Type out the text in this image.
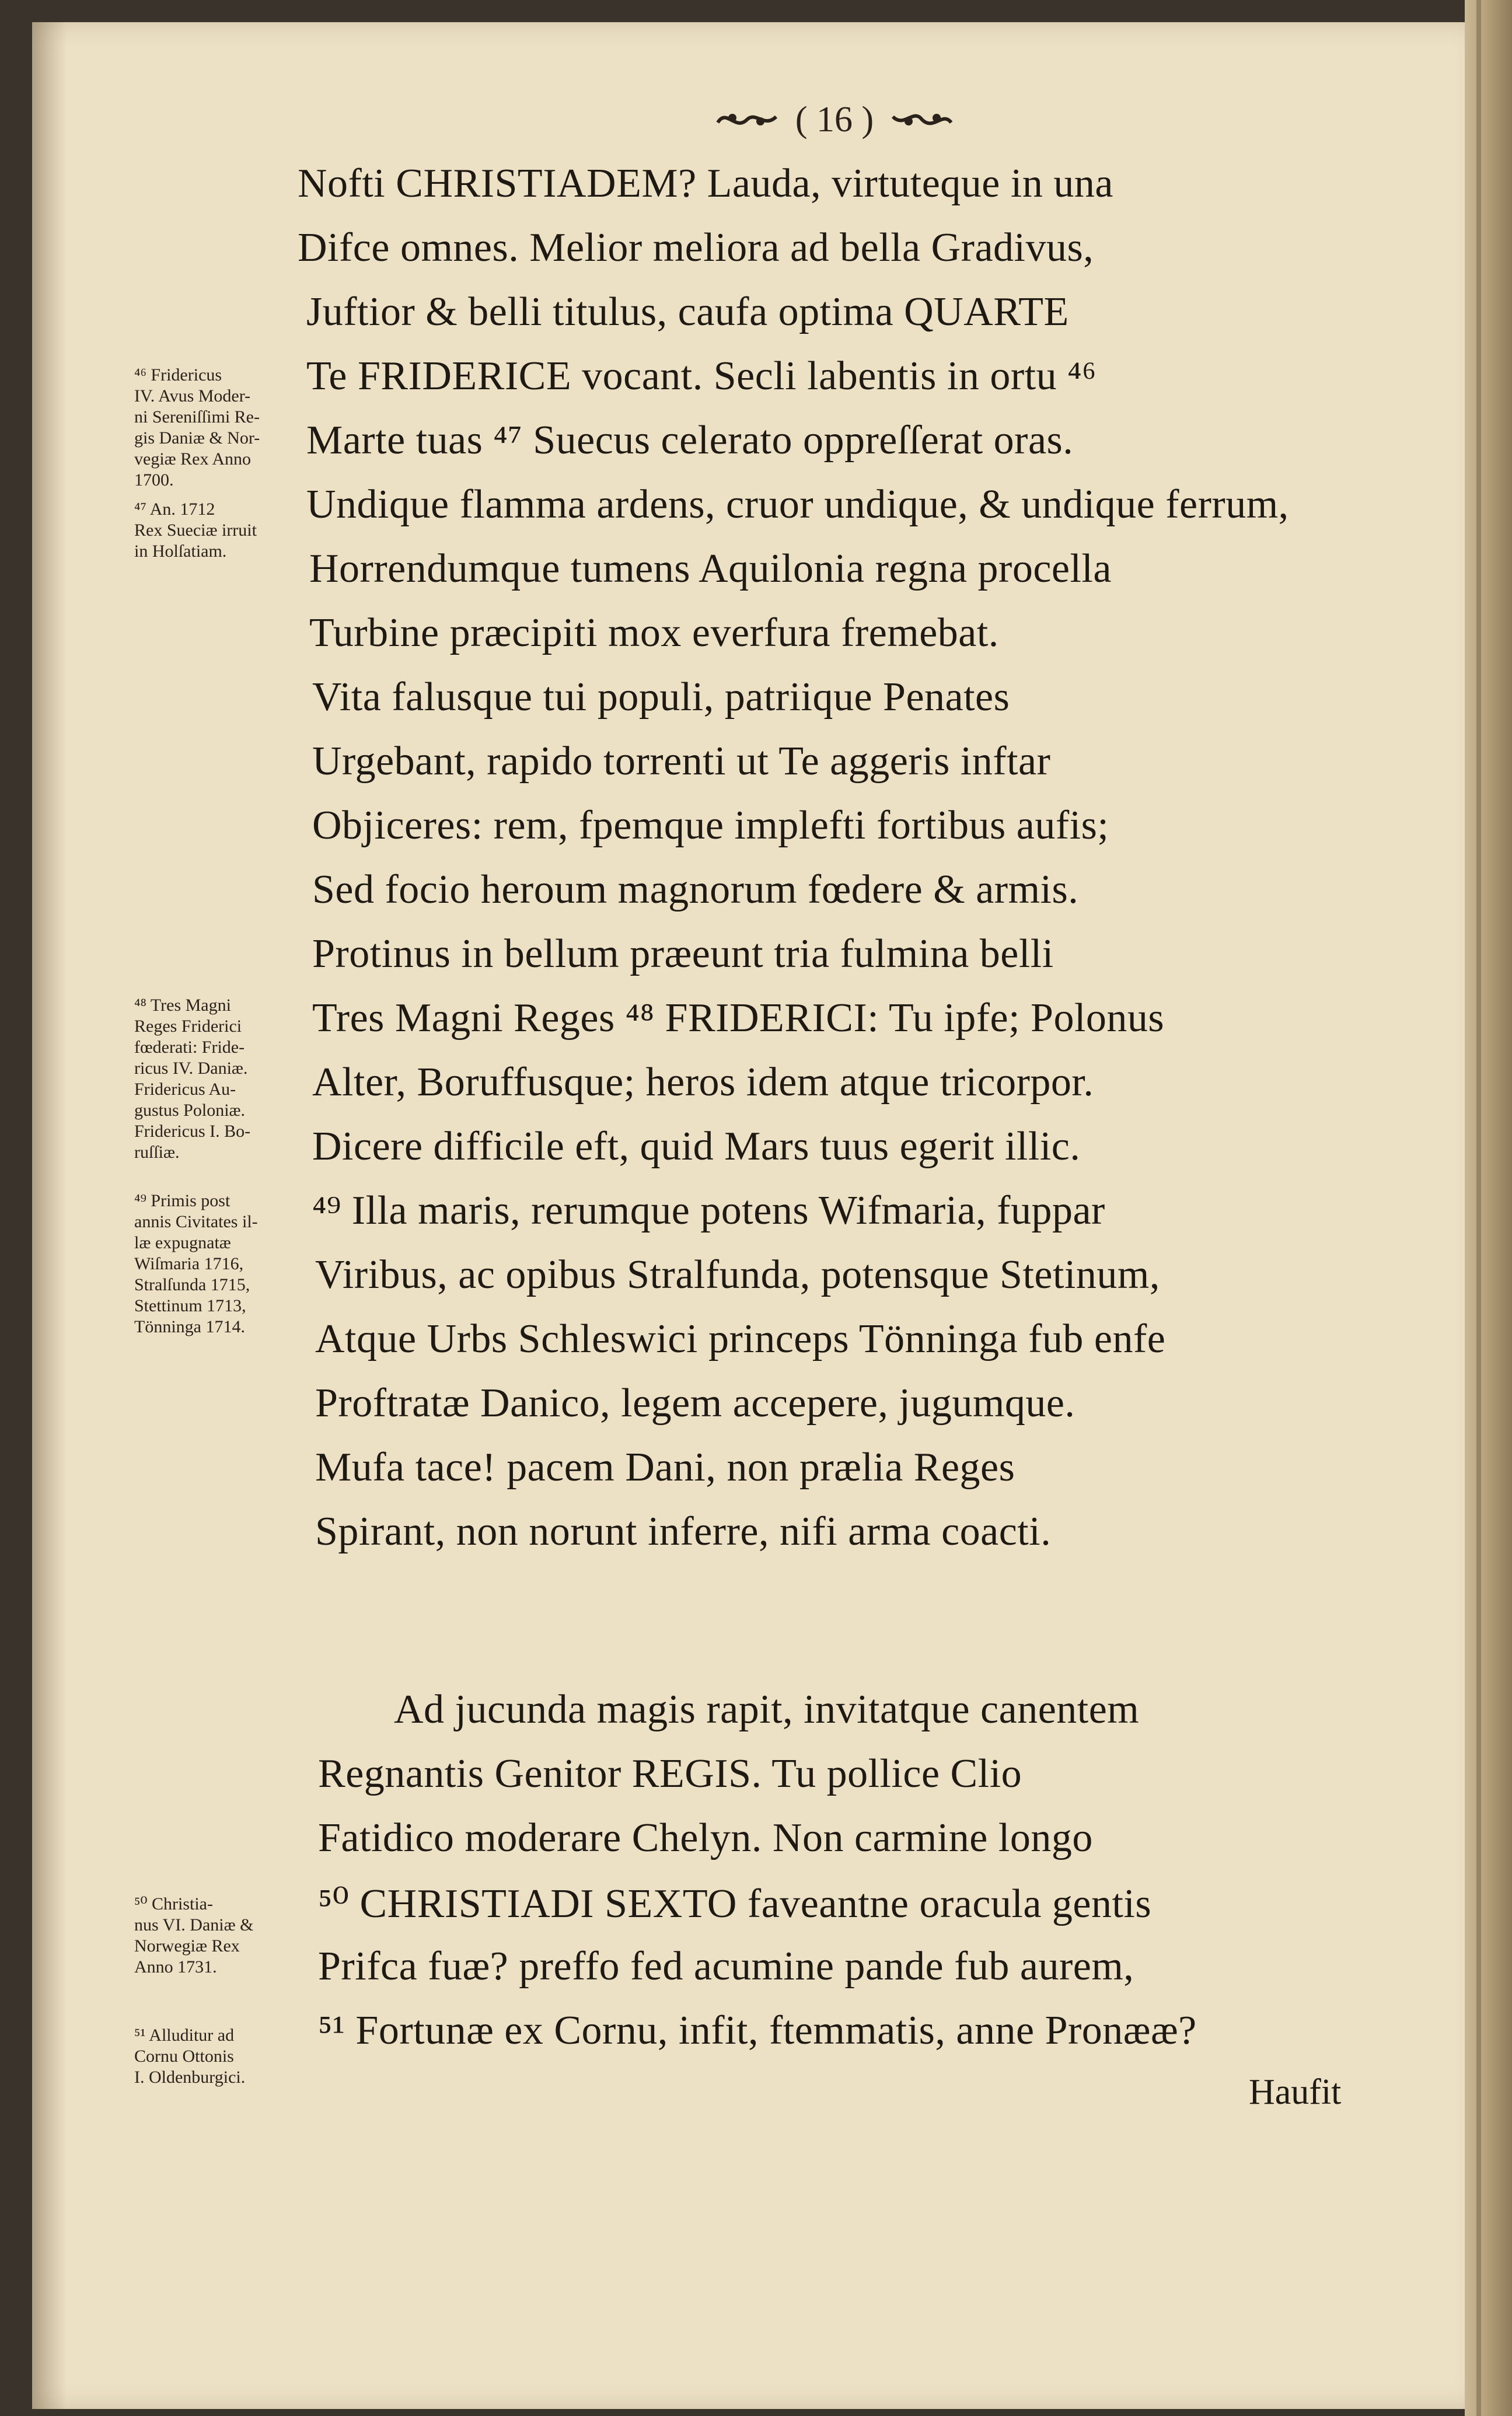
( 16 )
Nofti CHRISTIADEM? Lauda, virtuteque in una
Difce omnes. Melior meliora ad bella Gradivus,
Juftior & belli titulus, caufa optima QUARTE
Te FRIDERICE vocant. Secli labentis in ortu ⁴⁶
Marte tuas ⁴⁷ Suecus celerato oppreſſerat oras.
Undique flamma ardens, cruor undique, & undique ferrum,
Horrendumque tumens Aquilonia regna procella
Turbine præcipiti mox everfura fremebat.
Vita falusque tui populi, patriique Penates
Urgebant, rapido torrenti ut Te aggeris inftar
Objiceres: rem, fpemque implefti fortibus aufis;
Sed focio heroum magnorum fœdere & armis.
Protinus in bellum præeunt tria fulmina belli
Tres Magni Reges ⁴⁸ FRIDERICI: Tu ipfe; Polonus
Alter, Boruffusque; heros idem atque tricorpor.
Dicere difficile eft, quid Mars tuus egerit illic.
⁴⁹ Illa maris, rerumque potens Wifmaria, fuppar
Viribus, ac opibus Stralfunda, potensque Stetinum,
Atque Urbs Schleswici princeps Tönninga fub enfe
Proftratæ Danico, legem accepere, jugumque.
Mufa tace! pacem Dani, non prælia Reges
Spirant, non norunt inferre, nifi arma coacti.
Ad jucunda magis rapit, invitatque canentem
Regnantis Genitor REGIS. Tu pollice Clio
Fatidico moderare Chelyn. Non carmine longo
⁵⁰ CHRISTIADI SEXTO faveantne oracula gentis
Prifca fuæ? preffo fed acumine pande fub aurem,
⁵¹ Fortunæ ex Cornu, infit, ftemmatis, anne Pronææ?
Haufit
⁴⁶ Fridericus
IV. Avus Moder-
ni Sereniſſimi Re-
gis Daniæ & Nor-
vegiæ Rex Anno
1700.
⁴⁷ An. 1712
Rex Sueciæ irruit
in Holſatiam.
⁴⁸ Tres Magni
Reges Friderici
fœderati: Fride-
ricus IV. Daniæ.
Fridericus Au-
gustus Poloniæ.
Fridericus I. Bo-
ruſſiæ.
⁴⁹ Primis post
annis Civitates il-
læ expugnatæ
Wiſmaria 1716,
Stralſunda 1715,
Stettinum 1713,
Tönninga 1714.
⁵⁰ Christia-
nus VI. Daniæ &
Norwegiæ Rex
Anno 1731.
⁵¹ Alluditur ad
Cornu Ottonis
I. Oldenburgici.
